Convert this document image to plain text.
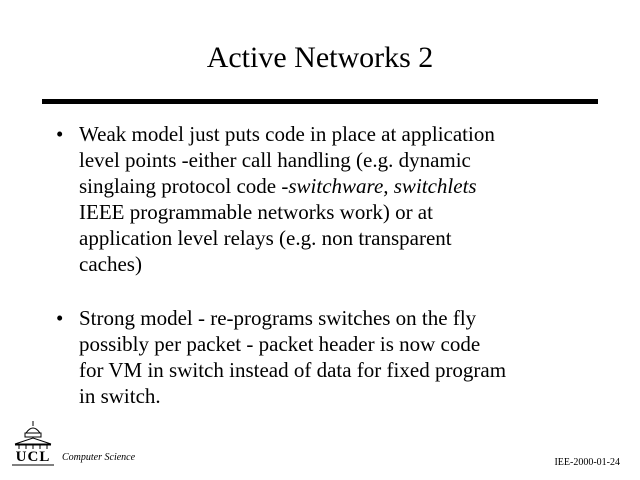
Active Networks 2
• Weak model just puts code in place at application
level points -either call handling (e.g. dynamic
singlaing protocol code -switchware, switchlets
IEEE programmable networks work) or at
application level relays (e.g. non transparent
caches)
• Strong model - re-programs switches on the fly
possibly per packet - packet header is now code
for VM in switch instead of data for fixed program
in switch.
UCL	Computer Science	IEE-2000-01-24
